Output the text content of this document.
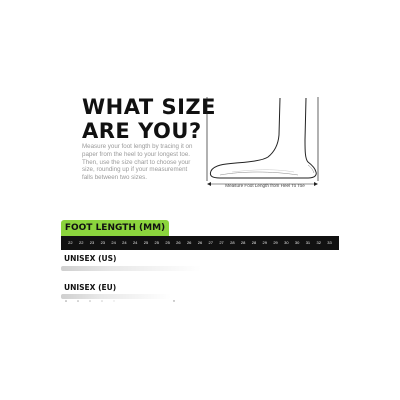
WHAT SIZE
ARE YOU?
Measure your foot length by tracing it on paper from the heel to your longest toe. Then, use the size chart to choose your size, rounding up if your measurement falls between two sizes.
Measure Foot Length from Heel To Toe
FOOT LENGTH (MM)
22 22 23 23 24 24 24 25 25 25 26 26 26 27 27 28 28 28 29 29 30 30 31 32 33
UNISEX (US)
UNISEX (EU)
